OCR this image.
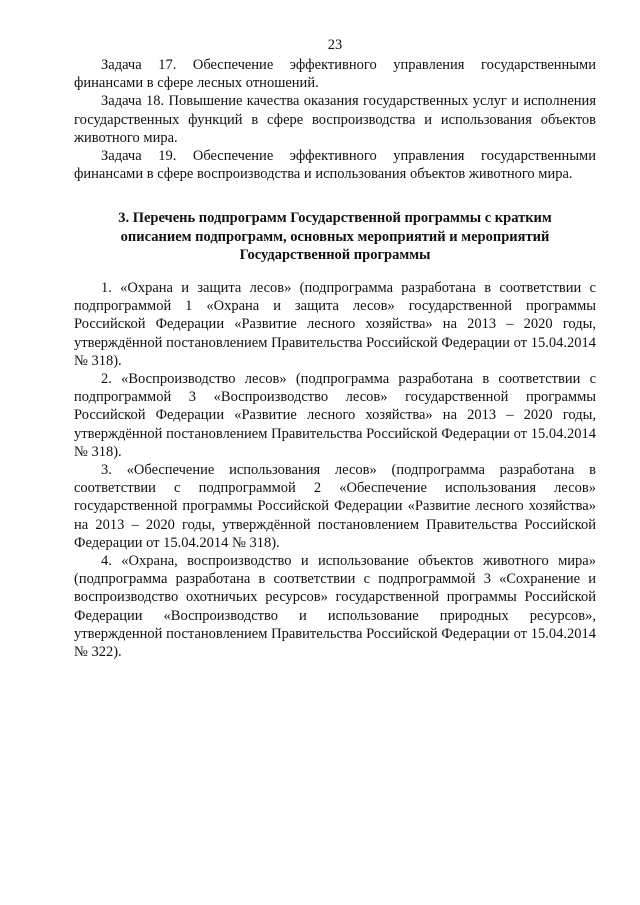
23

Задача 17. Обеспечение эффективного управления государственными финансами в сфере лесных отношений.

Задача 18. Повышение качества оказания государственных услуг и исполнения государственных функций в сфере воспроизводства и использования объектов животного мира.

Задача 19. Обеспечение эффективного управления государственными финансами в сфере воспроизводства и использования объектов животного мира.

3. Перечень подпрограмм Государственной программы с кратким описанием подпрограмм, основных мероприятий и мероприятий Государственной программы

1. «Охрана и защита лесов» (подпрограмма разработана в соответствии с подпрограммой 1 «Охрана и защита лесов» государственной программы Российской Федерации «Развитие лесного хозяйства» на 2013 – 2020 годы, утверждённой постановлением Правительства Российской Федерации от 15.04.2014 № 318).

2. «Воспроизводство лесов» (подпрограмма разработана в соответствии с подпрограммой 3 «Воспроизводство лесов» государственной программы Российской Федерации «Развитие лесного хозяйства» на 2013 – 2020 годы, утверждённой постановлением Правительства Российской Федерации от 15.04.2014 № 318).

3. «Обеспечение использования лесов» (подпрограмма разработана в соответствии с подпрограммой 2 «Обеспечение использования лесов» государственной программы Российской Федерации «Развитие лесного хозяйства» на 2013 – 2020 годы, утверждённой постановлением Правительства Российской Федерации от 15.04.2014 № 318).

4. «Охрана, воспроизводство и использование объектов животного мира» (подпрограмма разработана в соответствии с подпрограммой 3 «Сохранение и воспроизводство охотничьих ресурсов» государственной программы Российской Федерации «Воспроизводство и использование природных ресурсов», утвержденной постановлением Правительства Российской Федерации от 15.04.2014 № 322).
